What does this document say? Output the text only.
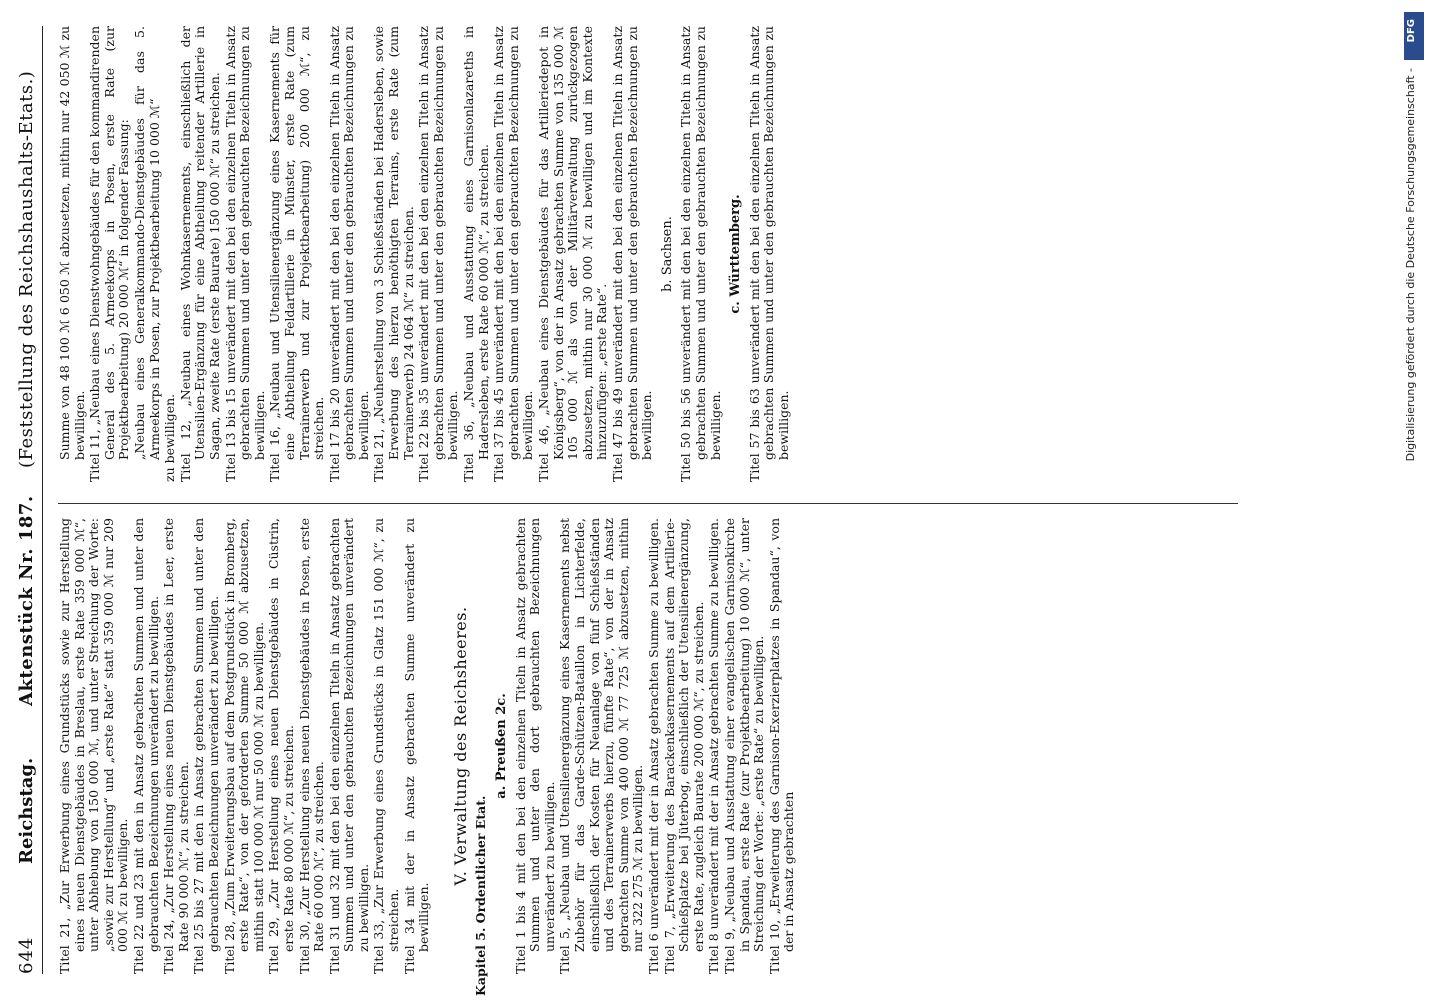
644
Reichstag.
Aktenstück Nr. 187.
(Feststellung des Reichshaushalts-Etats.)

Titel 21, „Zur Erwerbung eines Grundstücks sowie zur Herstellung eines neuen Dienstgebäudes in Breslau, erste Rate 359 000 ℳ“, unter Abhebung von 150 000 ℳ, und unter Streichung der Worte: „sowie zur Herstellung“ und „erste Rate“ statt 359 000 ℳ nur 209 000 ℳ zu bewilligen. Titel 22 und 23 mit den in Ansatz gebrachten Summen und unter den gebrauchten Bezeichnungen unverändert zu bewilligen. Titel 24, „Zur Herstellung eines neuen Dienstgebäudes in Leer, erste Rate 90 000 ℳ“, zu streichen. Titel 25 bis 27 mit den in Ansatz gebrachten Summen und unter den gebrauchten Bezeichnungen unverändert zu bewilligen. Titel 28, „Zum Erweiterungsbau auf dem Postgrundstück in Bromberg, erste Rate“, von der geforderten Summe 50 000 ℳ abzusetzen, mithin statt 100 000 ℳ nur 50 000 ℳ zu bewilligen. Titel 29, „Zur Herstellung eines neuen Dienstgebäudes in Cüstrin, erste Rate 80 000 ℳ“, zu streichen. Titel 30, „Zur Herstellung eines neuen Dienstgebäudes in Posen, erste Rate 60 000 ℳ“, zu streichen. Titel 31 und 32 mit den bei den einzelnen Titeln in Ansatz gebrachten Summen und unter den gebrauchten Bezeichnungen unverändert zu bewilligen. Titel 33, „Zur Erwerbung eines Grundstücks in Glatz 151 000 ℳ“, zu streichen. Titel 34 mit der in Ansatz gebrachten Summe unverändert zu bewilligen.

V. Verwaltung des Reichsheeres.
Kapitel 5. Ordentlicher Etat.
a. Preußen 2c. Titel 1 bis 4 mit den bei den einzelnen Titeln in Ansatz gebrachten Summen und unter den dort gebrauchten Bezeichnungen unverändert zu bewilligen. Titel 5, „Neubau und Utensilienergänzung eines Kasernements nebst Zubehör für das Garde-Schützen-Bataillon in Lichterfelde, einschließlich der Kosten für Neuanlage von fünf Schießständen und des Terrainerwerbs hierzu, fünfte Rate“, von der in Ansatz gebrachten Summe von 400 000 ℳ 77 725 ℳ abzusetzen, mithin nur 322 275 ℳ zu bewilligen. Titel 6 unverändert mit der in Ansatz gebrachten Summe zu bewilligen. Titel 7, „Erweiterung des Barackenkasernements auf dem Artillerie-Schießplatze bei Jüterbog, einschließlich der Utensilienergänzung, erste Rate, zugleich Baurate 200 000 ℳ“, zu streichen. Titel 8 unverändert mit der in Ansatz gebrachten Summe zu bewilligen. Titel 9, „Neubau und Ausstattung einer evangelischen Garnisonkirche in Spandau, erste Rate (zur Projektbearbeitung) 10 000 ℳ“, unter Streichung der Worte: „erste Rate“ zu bewilligen. Titel 10, „Erweiterung des Garnison-Exerzierplatzes in Spandau“, von der in Ansatz gebrachten

Summe von 48 100 ℳ 6 050 ℳ abzusetzen, mithin nur 42 050 ℳ zu bewilligen. Titel 11, „Neubau eines Dienstwohngebäudes für den kommandirenden General des 5. Armeekorps in Posen, erste Rate (zur Projektbearbeitung) 20 000 ℳ“ in folgender Fassung: „Neubau eines Generalkommando-Dienstgebäudes für das 5. Armeekorps in Posen, zur Projektbearbeitung 10 000 ℳ“ zu bewilligen. Titel 12, „Neubau eines Wohnkasernements, einschließlich der Utensilien-Ergänzung für eine Abtheilung reitender Artillerie in Sagan, zweite Rate (erste Baurate) 150 000 ℳ“ zu streichen. Titel 13 bis 15 unverändert mit den bei den einzelnen Titeln in Ansatz gebrachten Summen und unter den gebrauchten Bezeichnungen zu bewilligen. Titel 16, „Neubau und Utensilienergänzung eines Kasernements für eine Abtheilung Feldartillerie in Münster, erste Rate (zum Terrainerwerb und zur Projektbearbeitung) 200 000 ℳ“, zu streichen. Titel 17 bis 20 unverändert mit den bei den einzelnen Titeln in Ansatz gebrachten Summen und unter den gebrauchten Bezeichnungen zu bewilligen. Titel 21, „Neuherstellung von 3 Schießständen bei Hadersleben, sowie Erwerbung des hierzu benöthigten Terrains, erste Rate (zum Terrainerwerb) 24 064 ℳ“ zu streichen. Titel 22 bis 35 unverändert mit den bei den einzelnen Titeln in Ansatz gebrachten Summen und unter den gebrauchten Bezeichnungen zu bewilligen. Titel 36, „Neubau und Ausstattung eines Garnisonlazareths in Hadersleben, erste Rate 60 000 ℳ“, zu streichen. Titel 37 bis 45 unverändert mit den bei den einzelnen Titeln in Ansatz gebrachten Summen und unter den gebrauchten Bezeichnungen zu bewilligen. Titel 46, „Neubau eines Dienstgebäudes für das Artilleriedepot in Königsberg“, von der in Ansatz gebrachten Summe von 135 000 ℳ 105 000 ℳ als von der Militärverwaltung zurückgezogen abzusetzen, mithin nur 30 000 ℳ zu bewilligen und im Kontexte hinzuzufügen: „erste Rate“. Titel 47 bis 49 unverändert mit den bei den einzelnen Titeln in Ansatz gebrachten Summen und unter den gebrauchten Bezeichnungen zu bewilligen.

b. Sachsen. Titel 50 bis 56 unverändert mit den bei den einzelnen Titeln in Ansatz gebrachten Summen und unter den gebrauchten Bezeichnungen zu bewilligen.

c. Württemberg. Titel 57 bis 63 unverändert mit den bei den einzelnen Titeln in Ansatz gebrachten Summen und unter den gebrauchten Bezeichnungen zu bewilligen.

DFG
Digitalisierung gefördert durch die Deutsche Forschungsgemeinschaft -
